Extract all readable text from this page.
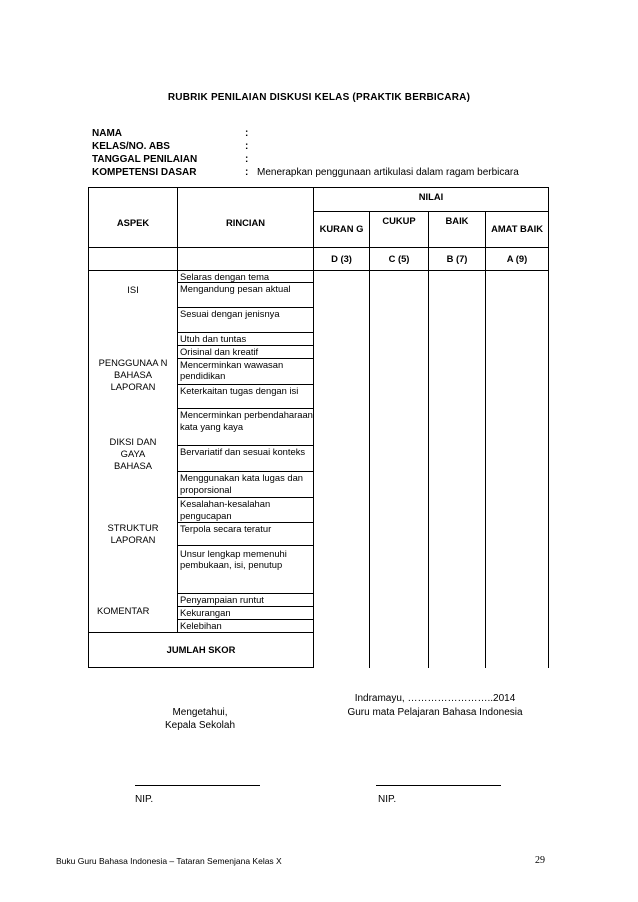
RUBRIK PENILAIAN DISKUSI KELAS (PRAKTIK BERBICARA)
NAMA	:
KELAS/NO. ABS	:
TANGGAL PENILAIAN	:
KOMPETENSI DASAR	: Menerapkan penggunaan artikulasi dalam ragam berbicara
ASPEK	RINCIAN	NILAI				
		KURAN G	CUKUP	BAIK	AMAT BAIK	
		D (3)	C (5)	B (7)	A (9)	
ISI	Selaras dengan tema					
	Mengandung pesan aktual					
	Sesuai dengan jenisnya					
	Utuh dan tuntas					
PENGGUNAA N BAHASA LAPORAN	Orisinal dan kreatif					
	Mencerminkan wawasan pendidikan					
	Keterkaitan tugas dengan isi					
DIKSI DAN GAYA BAHASA	Mencerminkan perbendaharaan kata yang kaya					
	Bervariatif dan sesuai konteks					
	Menggunakan kata lugas dan proporsional					
	Kesalahan-kesalahan pengucapan					
STRUKTUR LAPORAN	Terpola secara teratur					
	Unsur lengkap memenuhi pembukaan, isi, penutup					
KOMENTAR	Penyampaian runtut					
	Kekurangan					
	Kelebihan					
JUMLAH SKOR						
Indramayu, ……………………..2014
Mengetahui,
Kepala Sekolah
Guru mata Pelajaran Bahasa Indonesia
NIP.	NIP.
Buku Guru Bahasa Indonesia – Tataran Semenjana Kelas X	29
